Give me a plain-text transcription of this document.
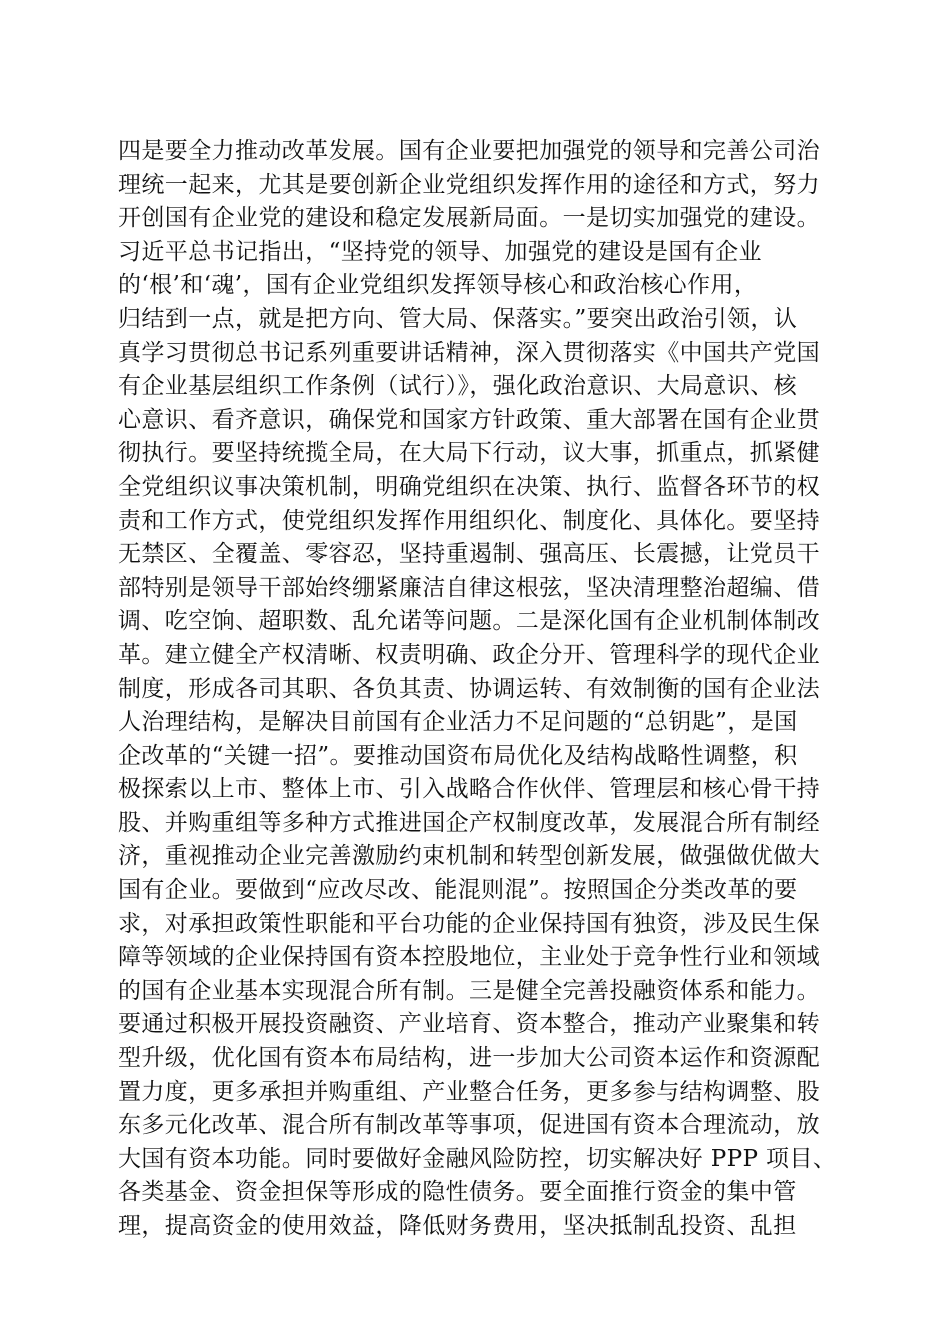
四是要全力推动改革发展。国有企业要把加强党的领导和完善公司治
理统一起来，尤其是要创新企业党组织发挥作用的途径和方式，努力
开创国有企业党的建设和稳定发展新局面。一是切实加强党的建设。
习近平总书记指出，“坚持党的领导、加强党的建设是国有企业
的‘根’和‘魂’，国有企业党组织发挥领导核心和政治核心作用，
归结到一点，就是把方向、管大局、保落实。”要突出政治引领，认
真学习贯彻总书记系列重要讲话精神，深入贯彻落实《中国共产党国
有企业基层组织工作条例（试行）》，强化政治意识、大局意识、核
心意识、看齐意识，确保党和国家方针政策、重大部署在国有企业贯
彻执行。要坚持统揽全局，在大局下行动，议大事，抓重点，抓紧健
全党组织议事决策机制，明确党组织在决策、执行、监督各环节的权
责和工作方式，使党组织发挥作用组织化、制度化、具体化。要坚持
无禁区、全覆盖、零容忍，坚持重遏制、强高压、长震撼，让党员干
部特别是领导干部始终绷紧廉洁自律这根弦，坚决清理整治超编、借
调、吃空饷、超职数、乱允诺等问题。二是深化国有企业机制体制改
革。建立健全产权清晰、权责明确、政企分开、管理科学的现代企业
制度，形成各司其职、各负其责、协调运转、有效制衡的国有企业法
人治理结构，是解决目前国有企业活力不足问题的“总钥匙”，是国
企改革的“关键一招”。要推动国资布局优化及结构战略性调整，积
极探索以上市、整体上市、引入战略合作伙伴、管理层和核心骨干持
股、并购重组等多种方式推进国企产权制度改革，发展混合所有制经
济，重视推动企业完善激励约束机制和转型创新发展，做强做优做大
国有企业。要做到“应改尽改、能混则混”。按照国企分类改革的要
求，对承担政策性职能和平台功能的企业保持国有独资，涉及民生保
障等领域的企业保持国有资本控股地位，主业处于竞争性行业和领域
的国有企业基本实现混合所有制。三是健全完善投融资体系和能力。
要通过积极开展投资融资、产业培育、资本整合，推动产业聚集和转
型升级，优化国有资本布局结构，进一步加大公司资本运作和资源配
置力度，更多承担并购重组、产业整合任务，更多参与结构调整、股
东多元化改革、混合所有制改革等事项，促进国有资本合理流动，放
大国有资本功能。同时要做好金融风险防控，切实解决好 PPP 项目、
各类基金、资金担保等形成的隐性债务。要全面推行资金的集中管
理，提高资金的使用效益，降低财务费用，坚决抵制乱投资、乱担
